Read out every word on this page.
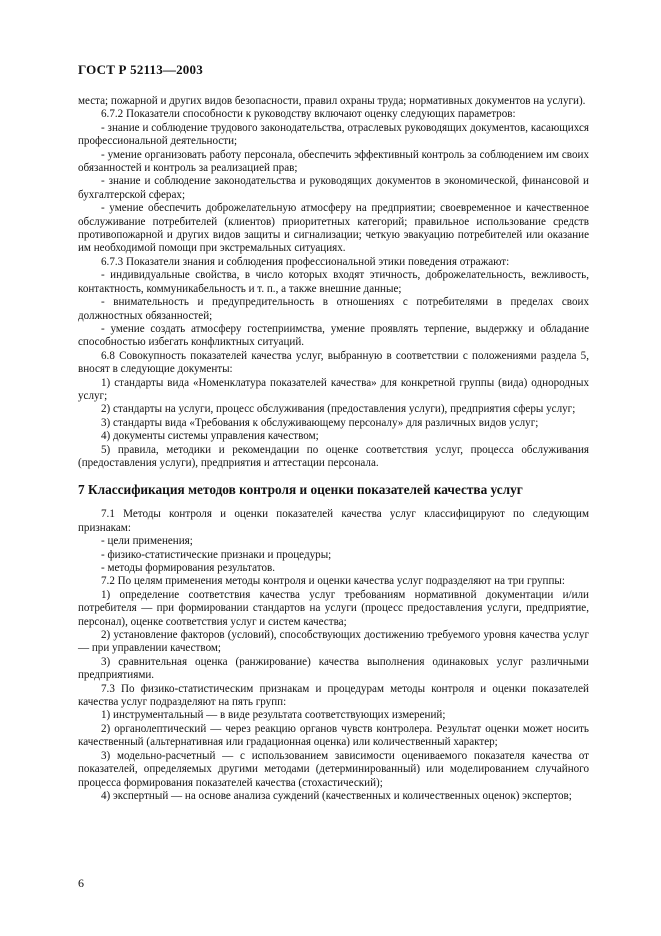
ГОСТ Р 52113—2003

места; пожарной и других видов безопасности, правил охраны труда; нормативных документов на услуги).

6.7.2 Показатели способности к руководству включают оценку следующих параметров:

- знание и соблюдение трудового законодательства, отраслевых руководящих документов, касающихся профессиональной деятельности;

- умение организовать работу персонала, обеспечить эффективный контроль за соблюдением им своих обязанностей и контроль за реализацией прав;

- знание и соблюдение законодательства и руководящих документов в экономической, финансовой и бухгалтерской сферах;

- умение обеспечить доброжелательную атмосферу на предприятии; своевременное и качественное обслуживание потребителей (клиентов) приоритетных категорий; правильное использование средств противопожарной и других видов защиты и сигнализации; четкую эвакуацию потребителей или оказание им необходимой помощи при экстремальных ситуациях.

6.7.3 Показатели знания и соблюдения профессиональной этики поведения отражают:

- индивидуальные свойства, в число которых входят этичность, доброжелательность, вежливость, контактность, коммуникабельность и т. п., а также внешние данные;

- внимательность и предупредительность в отношениях с потребителями в пределах своих должностных обязанностей;

- умение создать атмосферу гостеприимства, умение проявлять терпение, выдержку и обладание способностью избегать конфликтных ситуаций.

6.8 Совокупность показателей качества услуг, выбранную в соответствии с положениями раздела 5, вносят в следующие документы:

1) стандарты вида «Номенклатура показателей качества» для конкретной группы (вида) однородных услуг;

2) стандарты на услуги, процесс обслуживания (предоставления услуги), предприятия сферы услуг;

3) стандарты вида «Требования к обслуживающему персоналу» для различных видов услуг;

4) документы системы управления качеством;

5) правила, методики и рекомендации по оценке соответствия услуг, процесса обслуживания (предоставления услуги), предприятия и аттестации персонала.

7 Классификация методов контроля и оценки показателей качества услуг

7.1 Методы контроля и оценки показателей качества услуг классифицируют по следующим признакам:

- цели применения;

- физико-статистические признаки и процедуры;

- методы формирования результатов.

7.2 По целям применения методы контроля и оценки качества услуг подразделяют на три группы:

1) определение соответствия качества услуг требованиям нормативной документации и/или потребителя — при формировании стандартов на услуги (процесс предоставления услуги, предприятие, персонал), оценке соответствия услуг и систем качества;

2) установление факторов (условий), способствующих достижению требуемого уровня качества услуг — при управлении качеством;

3) сравнительная оценка (ранжирование) качества выполнения одинаковых услуг различными предприятиями.

7.3 По физико-статистическим признакам и процедурам методы контроля и оценки показателей качества услуг подразделяют на пять групп:

1) инструментальный — в виде результата соответствующих измерений;

2) органолептический — через реакцию органов чувств контролера. Результат оценки может носить качественный (альтернативная или градационная оценка) или количественный характер;

3) модельно-расчетный — с использованием зависимости оцениваемого показателя качества от показателей, определяемых другими методами (детерминированный) или моделированием случайного процесса формирования показателей качества (стохастический);

4) экспертный — на основе анализа суждений (качественных и количественных оценок) экспертов;

6
